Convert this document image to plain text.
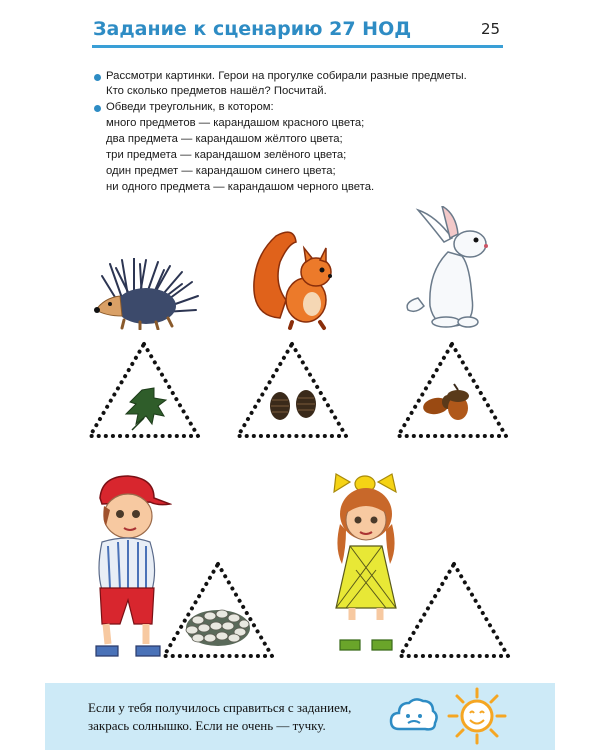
Задание к сценарию 27 НОД	25
Рассмотри картинки. Герои на прогулке собирали разные предметы.
Кто сколько предметов нашёл? Посчитай.
Обведи треугольник, в котором:
много предметов — карандашом красного цвета;
два предмета — карандашом жёлтого цвета;
три предмета — карандашом зелёного цвета;
один предмет — карандашом синего цвета;
ни одного предмета — карандашом черного цвета.
Если у тебя получилось справиться с заданием,
закрась солнышко. Если не очень — тучку.
